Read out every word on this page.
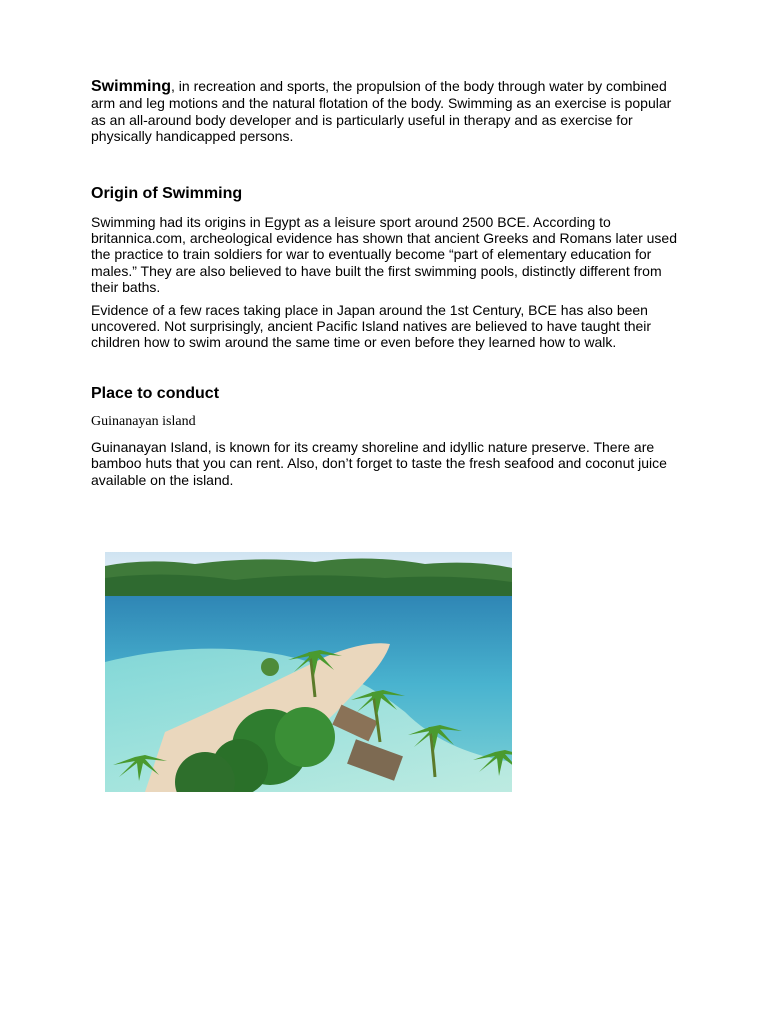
Swimming, in recreation and sports, the propulsion of the body through water by combined arm and leg motions and the natural flotation of the body. Swimming as an exercise is popular as an all-around body developer and is particularly useful in therapy and as exercise for physically handicapped persons.

Origin of Swimming

Swimming had its origins in Egypt as a leisure sport around 2500 BCE. According to britannica.com, archeological evidence has shown that ancient Greeks and Romans later used the practice to train soldiers for war to eventually become “part of elementary education for males.” They are also believed to have built the first swimming pools, distinctly different from their baths.

Evidence of a few races taking place in Japan around the 1st Century, BCE has also been uncovered. Not surprisingly, ancient Pacific Island natives are believed to have taught their children how to swim around the same time or even before they learned how to walk.

Place to conduct
Guinanayan island

Guinanayan Island, is known for its creamy shoreline and idyllic nature preserve. There are bamboo huts that you can rent. Also, don’t forget to taste the fresh seafood and coconut juice available on the island.
